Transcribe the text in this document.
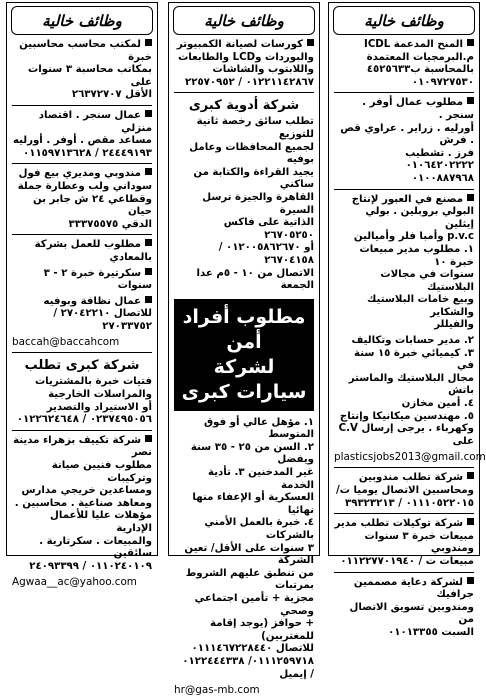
وظائف خالية
المنح المدعمة ICDL
م.البرمجيات المعتمدة بالمحاسبة ب٤٥٢٥٦٣٣
٠١٠٩٧٢٧٥٣٠
مطلوب عمال أوفر . سنجر .
أورليه . زراير . عراوي قص . فرش
فرز . تشطيب ٠١٠٦٤٢٠٢٢٢٢
٠١٠٠٨٨٧٩٦٨
مصنع في العبور لإنتاج
البولي بروبلين . بولي إيثلين
p.v.c وأمبا فلر وأميالين
١. مطلوب مدير مبيعات خبرة ١٠
سنوات في مجالات البلاستيك
وبيع خامات البلاستيك والشكاير
والفيللر
٢. مدير حسابات وتكاليف
٣. كيميائي خبرة ١٥ سنة في
مجال البلاستيك والماستر باتش
٤. أمين مخازن
٥. مهندسين ميكانيكا وإنتاج
وكهرباء . يرجى إرسال C.V على
plasticsjobs2013@gmail.com
شركة تطلب مندوبين
ومحاسبين الاتصال يوميا ت/
٠١١١٠٥٢٢٠١٥ / ٣٩٣٢٣٢١٣
شركة توكيلات تطلب مدير
مبيعات خبرة ٣ سنوات ومندوبي
مبيعات ت / ٠١١٢٢٧٧٠١٩٤٠
لشركة دعاية مصممين جرافيك
ومندوبين تسويق الاتصال من
السبت ٠١٠١٣٣٥٥
وظائف خالية
كورسات لصيانة الكمبيوتر
والبوردات وLCD والطابعات
واللابتوب والشاشات
٠١٢٢١١٤٢٨٦٧ / ٢٢٥٧٠٩٥٢
شركة أدوية كبرى
تطلب سائق رخصة ثانية للتوزيع
لجميع المحافظات وعامل بوفيه
يجيد القراءة والكتابة من ساكني
القاهرة والجيزة ترسل السيرة
الذاتية على فاكس ٢٦٧٠٥٢٥٠
أو ٠١٢٠٠٥٨٦٢٦٧٠ / ٢٦٧٠٤١٥٨
الاتصال من ١٠ - ٥م عدا الجمعة
مطلوب أفراد أمن
لشركة سيارات كبرى
١. مؤهل عالي أو فوق المتوسط
٢. السن من ٢٥ - ٣٥ سنة ويفضل
غير المدخنين ٣. تأدية الخدمة
العسكرية أو الإعفاء منها نهائيا
٤. خبرة بالعمل الأمني بالشركات
٣ سنوات على الأقل/ تعين الشركة
من تنطبق عليهم الشروط بمرتبات
مجزية + تأمين اجتماعي وصحي
+ حوافز (يوجد إقامة للمغتربين)
للاتصال ٠١١١٤٦٧٢٢٨٤٤٠
٠١١١٢٥٩٧١٨/ ٠١٢٢٤٤٤٣٣٨
/ إيميل
hr@gas-mb.com
وظائف خالية
لمكتب محاسب محاسبين خبرة
بمكاتب محاسبة ٣ سنوات على
الأقل ٢٦٣٧٢٧٠٧
عمال سنجر . اقتصاد منزلي
مساعد مقص . أوفر . أورليه
٢٤٤٤٩١٩٣ / ٠١١٥٩٧١٣٦٢٨
مندوبي ومديري بيع فول
سوداني ولب وعطارة جملة
وقطاعي ٢٤ ش جابر بن حيان
الدقي ٣٣٣٧٥٥٧٥
مطلوب للعمل بشركة بالمعادي
سكرتيرة خبرة ٢ - ٣ سنوات
عمال نظافة وبوفيه
للاتصال ٢٧٠٤٢٢١٠ / ٢٧٠٣٣٧٥٢
baccah@baccahcom
شركة كبرى تطلب
فتيات خبرة بالمشتريات
والمراسلات الخارجية
أو الاستيراد والتصدير
٠٢٣٧٤٩٥٠٥٦ / ٠١٢٢٦٢٤٦٤٨
شركة تكييف بزهراء مدينة نصر
مطلوب فنيين صيانة وتركيبات
ومساعدين خريجي مدارس
ومعاهد صناعية . محاسبين .
مؤهلات عليا للأعمال الإدارية
والمبيعات . سكرتارية . سائقين
٠١١٠٢٤٠١٠٩ / ٢٤٠٩٣٣٩٩
Agwaa__ac@yahoo.com
